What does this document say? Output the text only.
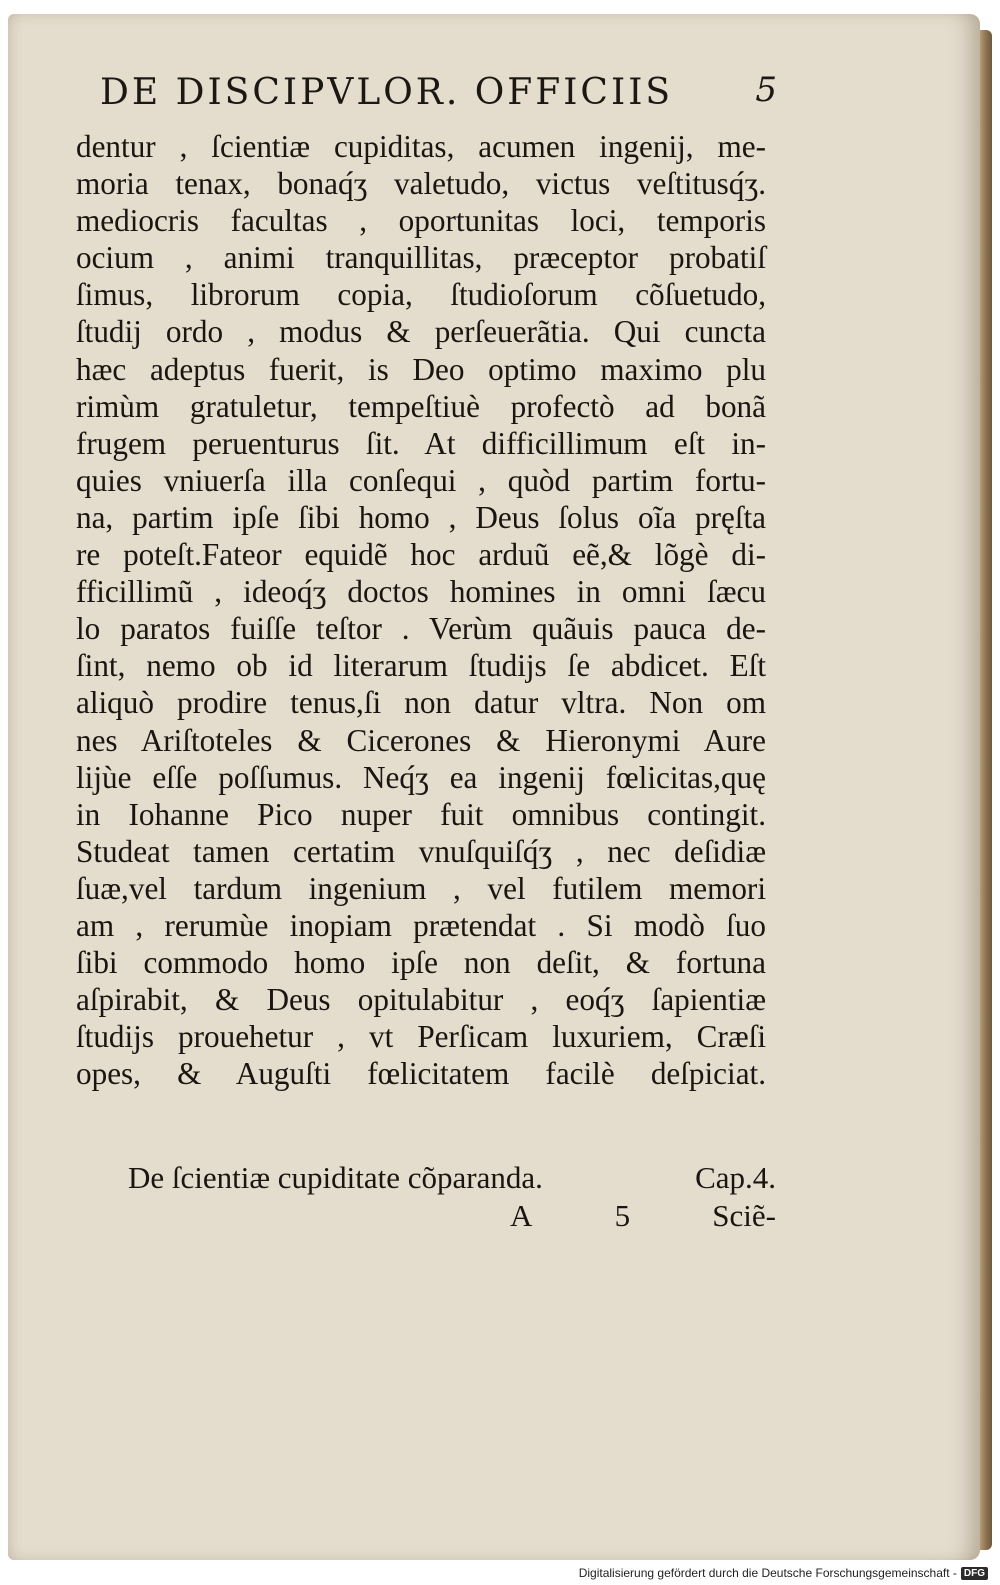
DE DISCIPVLOR. OFFICIIS 5
dentur , ſcientiæ cupiditas, acumen ingenij, me-
moria tenax, bonaq́ʒ valetudo, victus veſtitusq́ʒ.
mediocris facultas , oportunitas loci, temporis
ocium , animi tranquillitas, præceptor probatiſ
ſimus, librorum copia, ſtudioſorum cõſuetudo,
ſtudij ordo , modus & perſeuerãtia. Qui cuncta
hæc adeptus fuerit, is Deo optimo maximo plu
rimùm gratuletur, tempeſtiuè profectò ad bonã
frugem peruenturus ſit. At difficillimum eſt in-
quies vniuerſa illa conſequi , quòd partim fortu-
na, partim ipſe ſibi homo , Deus ſolus oĩa pręſta
re poteſt.Fateor equidẽ hoc arduũ eẽ,& lõgè di-
fficillimũ , ideoq́ʒ doctos homines in omni ſæcu
lo paratos fuiſſe teſtor . Verùm quãuis pauca de-
ſint, nemo ob id literarum ſtudijs ſe abdicet. Eſt
aliquò prodire tenus,ſi non datur vltra. Non om
nes Ariſtoteles & Cicerones & Hieronymi Aure
lijùe eſſe poſſumus. Neq́ʒ ea ingenij fœlicitas,quę
in Iohanne Pico nuper fuit omnibus contingit.
Studeat tamen certatim vnuſquiſq́ʒ , nec deſidiæ
ſuæ,vel tardum ingenium , vel futilem memori
am , rerumùe inopiam prætendat . Si modò ſuo
ſibi commodo homo ipſe non deſit, & fortuna
aſpirabit, & Deus opitulabitur , eoq́ʒ ſapientiæ
ſtudijs prouehetur , vt Perſicam luxuriem, Cræſi
opes, & Auguſti fœlicitatem facilè deſpiciat.
De ſcientiæ cupiditate cõparanda.	Cap.4.
A	5	Sciẽ-
Digitalisierung gefördert durch die Deutsche Forschungsgemeinschaft - DFG
